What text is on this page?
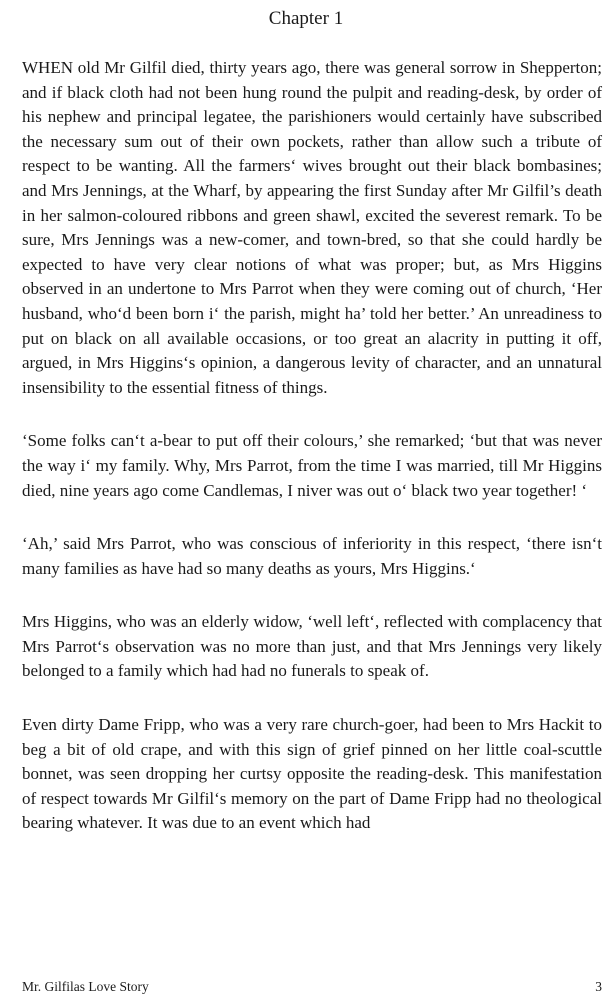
Chapter 1

WHEN old Mr Gilfil died, thirty years ago, there was general sorrow in Shepperton; and if black cloth had not been hung round the pulpit and reading-desk, by order of his nephew and principal legatee, the parishioners would certainly have subscribed the necessary sum out of their own pockets, rather than allow such a tribute of respect to be wanting. All the farmers‘ wives brought out their black bombasines; and Mrs Jennings, at the Wharf, by appearing the first Sunday after Mr Gilfil’s death in her salmon-coloured ribbons and green shawl, excited the severest remark. To be sure, Mrs Jennings was a new-comer, and town-bred, so that she could hardly be expected to have very clear notions of what was proper; but, as Mrs Higgins observed in an undertone to Mrs Parrot when they were coming out of church, ‘Her husband, who‘d been born i‘ the parish, might ha’ told her better.’ An unreadiness to put on black on all available occasions, or too great an alacrity in putting it off, argued, in Mrs Higgins‘s opinion, a dangerous levity of character, and an unnatural insensibility to the essential fitness of things.

‘Some folks can‘t a-bear to put off their colours,’ she remarked; ‘but that was never the way i‘ my family. Why, Mrs Parrot, from the time I was married, till Mr Higgins died, nine years ago come Candlemas, I niver was out o‘ black two year together! ‘

‘Ah,’ said Mrs Parrot, who was conscious of inferiority in this respect, ‘there isn‘t many families as have had so many deaths as yours, Mrs Higgins.‘

Mrs Higgins, who was an elderly widow, ‘well left‘, reflected with complacency that Mrs Parrot‘s observation was no more than just, and that Mrs Jennings very likely belonged to a family which had had no funerals to speak of.

Even dirty Dame Fripp, who was a very rare church-goer, had been to Mrs Hackit to beg a bit of old crape, and with this sign of grief pinned on her little coal-scuttle bonnet, was seen dropping her curtsy opposite the reading-desk. This manifestation of respect towards Mr Gilfil‘s memory on the part of Dame Fripp had no theological bearing whatever. It was due to an event which had

Mr. Gilfilas Love Story	3
